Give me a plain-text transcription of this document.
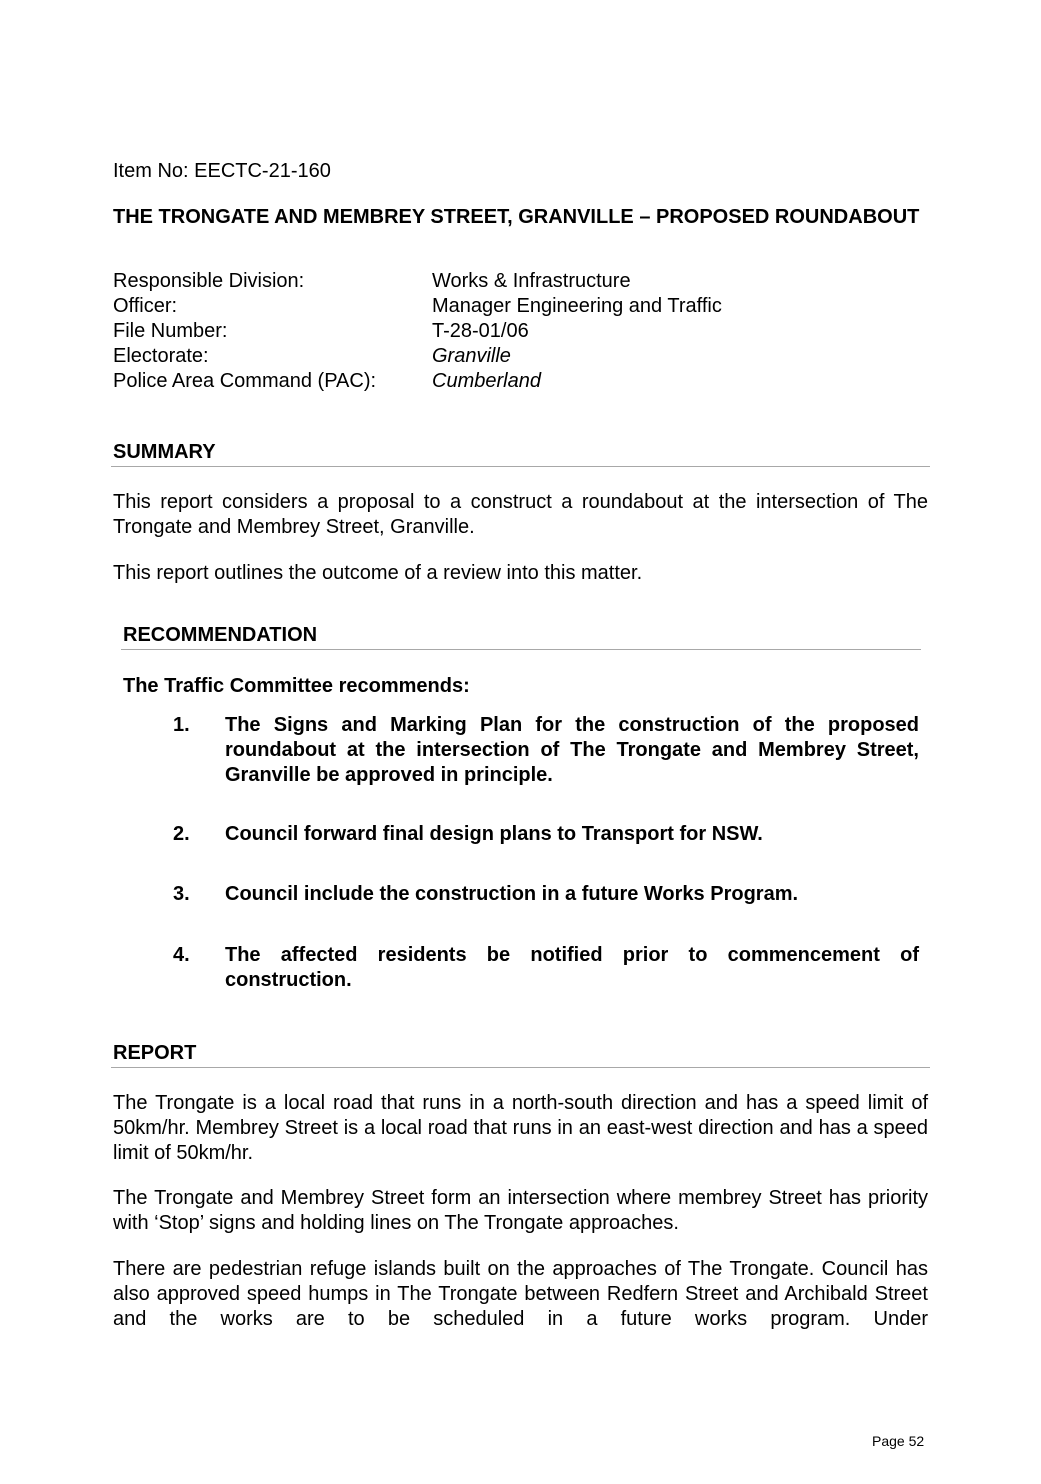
Item No: EECTC-21-160
THE TRONGATE AND MEMBREY STREET, GRANVILLE – PROPOSED ROUNDABOUT
Responsible Division:	Works & Infrastructure
Officer:	Manager Engineering and Traffic
File Number:	T-28-01/06
Electorate:	Granville
Police Area Command (PAC):	Cumberland
SUMMARY
This report considers a proposal to a construct a roundabout at the intersection of The Trongate and Membrey Street, Granville.
This report outlines the outcome of a review into this matter.
RECOMMENDATION
The Traffic Committee recommends:
1. The Signs and Marking Plan for the construction of the proposed roundabout at the intersection of The Trongate and Membrey Street, Granville be approved in principle.
2. Council forward final design plans to Transport for NSW.
3. Council include the construction in a future Works Program.
4. The affected residents be notified prior to commencement of construction.
REPORT
The Trongate is a local road that runs in a north-south direction and has a speed limit of 50km/hr. Membrey Street is a local road that runs in an east-west direction and has a speed limit of 50km/hr.
The Trongate and Membrey Street form an intersection where membrey Street has priority with ‘Stop’ signs and holding lines on The Trongate approaches.
There are pedestrian refuge islands built on the approaches of The Trongate. Council has also approved speed humps in The Trongate between Redfern Street and Archibald Street and the works are to be scheduled in a future works program. Under
Page 52
